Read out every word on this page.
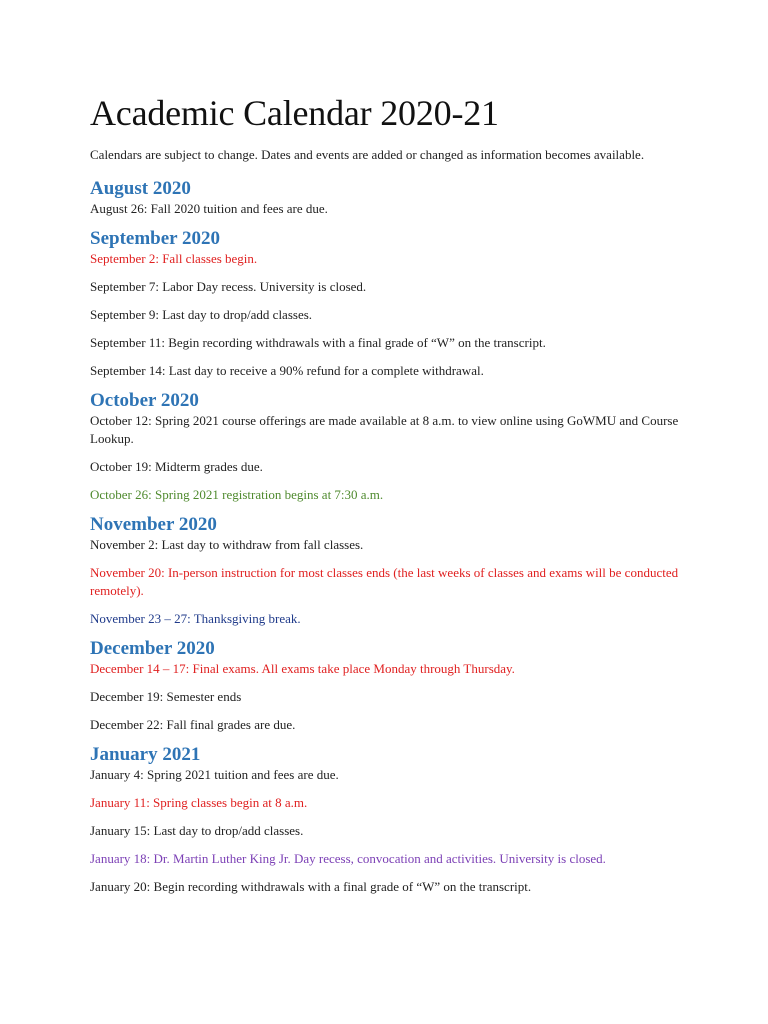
Academic Calendar 2020-21

Calendars are subject to change. Dates and events are added or changed as information becomes available.

August 2020

August 26: Fall 2020 tuition and fees are due.

September 2020

September 2: Fall classes begin.

September 7: Labor Day recess. University is closed.

September 9: Last day to drop/add classes.

September 11: Begin recording withdrawals with a final grade of “W” on the transcript.

September 14: Last day to receive a 90% refund for a complete withdrawal.

October 2020

October 12: Spring 2021 course offerings are made available at 8 a.m. to view online using GoWMU and Course Lookup.

October 19: Midterm grades due.

October 26: Spring 2021 registration begins at 7:30 a.m.

November 2020

November 2: Last day to withdraw from fall classes.

November 20: In-person instruction for most classes ends (the last weeks of classes and exams will be conducted remotely).

November 23 – 27: Thanksgiving break.

December 2020

December 14 – 17: Final exams. All exams take place Monday through Thursday.

December 19: Semester ends

December 22: Fall final grades are due.

January 2021

January 4: Spring 2021 tuition and fees are due.

January 11: Spring classes begin at 8 a.m.

January 15: Last day to drop/add classes.

January 18: Dr. Martin Luther King Jr. Day recess, convocation and activities. University is closed.

January 20: Begin recording withdrawals with a final grade of “W” on the transcript.
